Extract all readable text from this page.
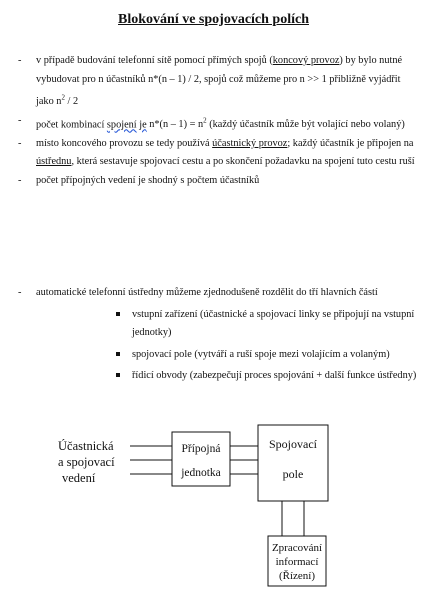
Blokování ve spojovacích polích
- v případě budování telefonní sítě pomocí přímých spojů (koncový provoz) by bylo nutné vybudovat pro n účastníků n*(n – 1) / 2, spojů což můžeme pro n >> 1 přibližně vyjádřit jako $n^2 / 2$
- počet kombinací spojení je $n*(n - 1) = n^2$ (každý účastník může být volající nebo volaný)
- místo koncového provozu se tedy používá účastnický provoz; každý účastník je připojen na ústřednu, která sestavuje spojovací cestu a po skončení požadavku na spojení tuto cestu ruší
- počet přípojných vedení je shodný s počtem účastníků
- automatické telefonní ústředny můžeme zjednodušeně rozdělit do tří hlavních částí
vstupní zařízení (účastnické a spojovací linky se připojují na vstupní jednotky)
spojovací pole (vytváří a ruší spoje mezi volajícím a volaným)
řídicí obvody (zabezpečují proces spojování + další funkce ústředny)
Účastnická
a spojovací
vedení
Přípojná
jednotka
Spojovací
pole
Zpracování
informací
(Řízení)
